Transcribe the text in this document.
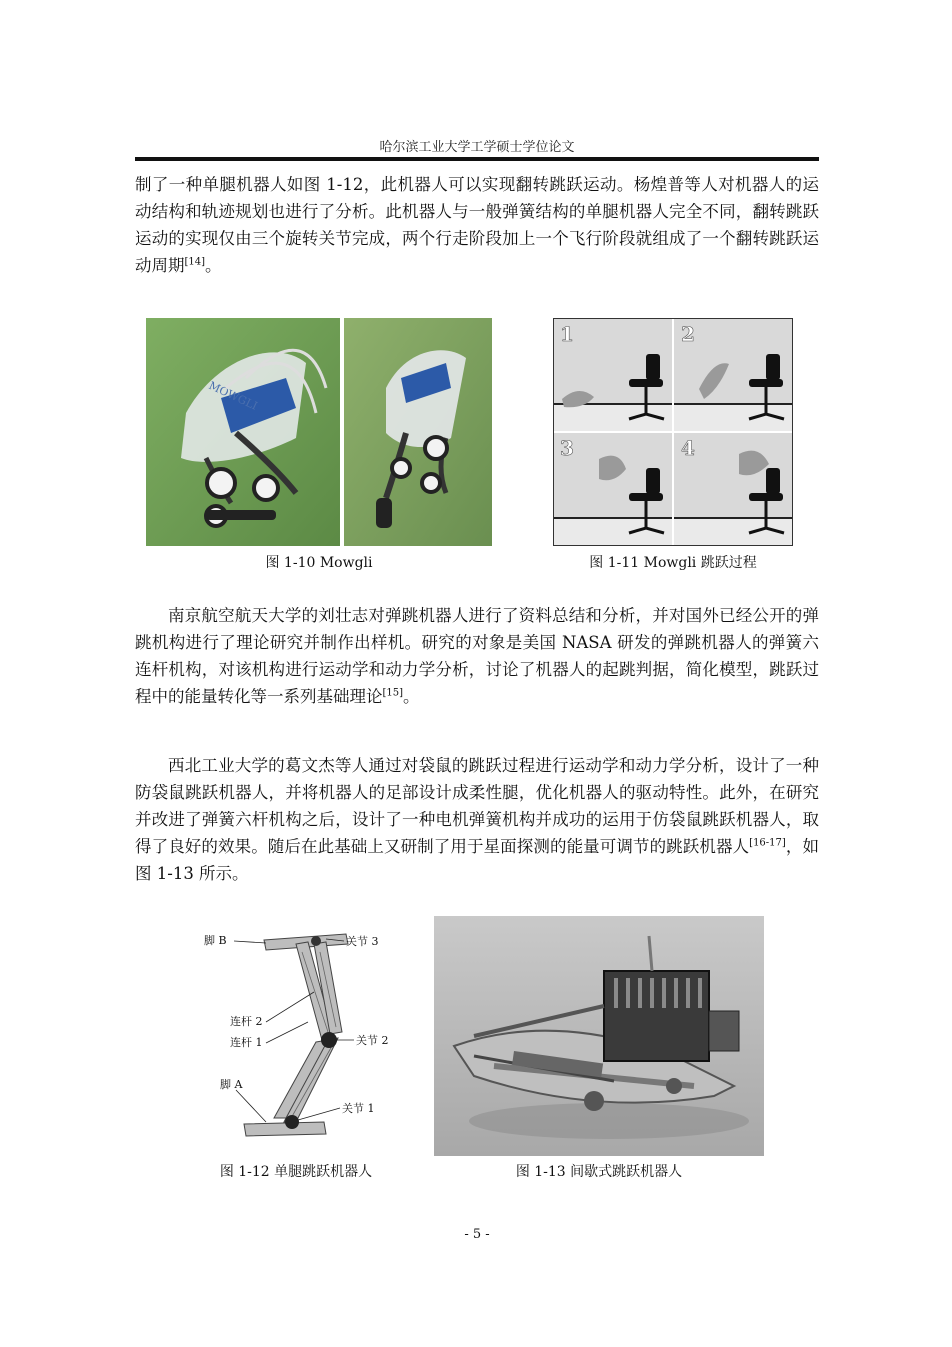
哈尔滨工业大学工学硕士学位论文

制了一种单腿机器人如图 1-12，此机器人可以实现翻转跳跃运动。杨煌普等人对机器人的运动结构和轨迹规划也进行了分析。此机器人与一般弹簧结构的单腿机器人完全不同，翻转跳跃运动的实现仅由三个旋转关节完成，两个行走阶段加上一个飞行阶段就组成了一个翻转跳跃运动周期[14]。

MOWGLI
图 1-10 Mowgli
1	2
3	4
图 1-11 Mowgli 跳跃过程

南京航空航天大学的刘壮志对弹跳机器人进行了资料总结和分析，并对国外已经公开的弹跳机构进行了理论研究并制作出样机。研究的对象是美国 NASA 研发的弹跳机器人的弹簧六连杆机构，对该机构进行运动学和动力学分析，讨论了机器人的起跳判据，简化模型，跳跃过程中的能量转化等一系列基础理论[15]。

西北工业大学的葛文杰等人通过对袋鼠的跳跃过程进行运动学和动力学分析，设计了一种防袋鼠跳跃机器人，并将机器人的足部设计成柔性腿，优化机器人的驱动特性。此外，在研究并改进了弹簧六杆机构之后，设计了一种电机弹簧机构并成功的运用于仿袋鼠跳跃机器人，取得了良好的效果。随后在此基础上又研制了用于星面探测的能量可调节的跳跃机器人[16-17]，如图 1-13 所示。

脚 B	关节 3
连杆 2
连杆 1	关节 2
脚 A
关节 1
图 1-12 单腿跳跃机器人	图 1-13 间歇式跳跃机器人
- 5 -
